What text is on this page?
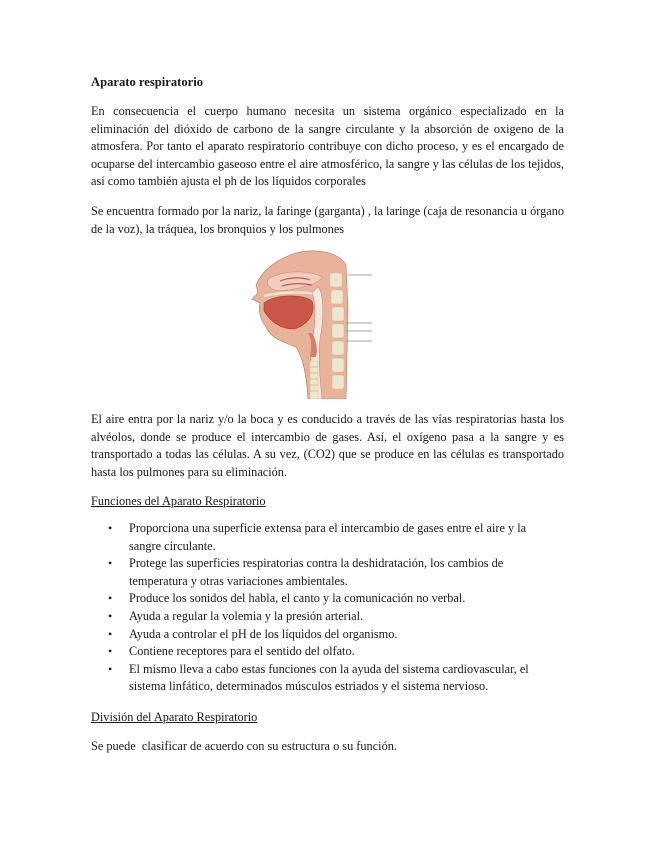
Aparato respiratorio

En consecuencia el cuerpo humano necesita un sistema orgánico especializado en la eliminación del dióxido de carbono de la sangre circulante y la absorción de oxigeno de la atmosfera. Por tanto el aparato respiratorio contribuye con dicho proceso, y es el encargado de ocuparse del intercambio gaseoso entre el aire atmosférico, la sangre y las células de los tejidos, así como también ajusta el ph de los líquidos corporales

Se encuentra formado por la nariz, la faringe (garganta) , la laringe (caja de resonancia u órgano de la voz), la tráquea, los bronquios y los pulmones

El aire entra por la nariz y/o la boca y es conducido a través de las vías respiratorias hasta los alvéolos, donde se produce el intercambio de gases. Así, el oxígeno pasa a la sangre y es transportado a todas las células. A su vez, (CO2) que se produce en las células es transportado hasta los pulmones para su eliminación.

Funciones del Aparato Respiratorio

• Proporciona una superficie extensa para el intercambio de gases entre el aire y la sangre circulante.
• Protege las superficies respiratorias contra la deshidratación, los cambios de temperatura y otras variaciones ambientales.
• Produce los sonidos del habla, el canto y la comunicación no verbal.
• Ayuda a regular la volemia y la presión arterial.
• Ayuda a controlar el pH de los líquidos del organismo.
• Contiene receptores para el sentido del olfato.
• El mismo lleva a cabo estas funciones con la ayuda del sistema cardiovascular, el sistema linfático, determinados músculos estriados y el sistema nervioso.

División del Aparato Respiratorio

Se puede  clasificar de acuerdo con su estructura o su función.
